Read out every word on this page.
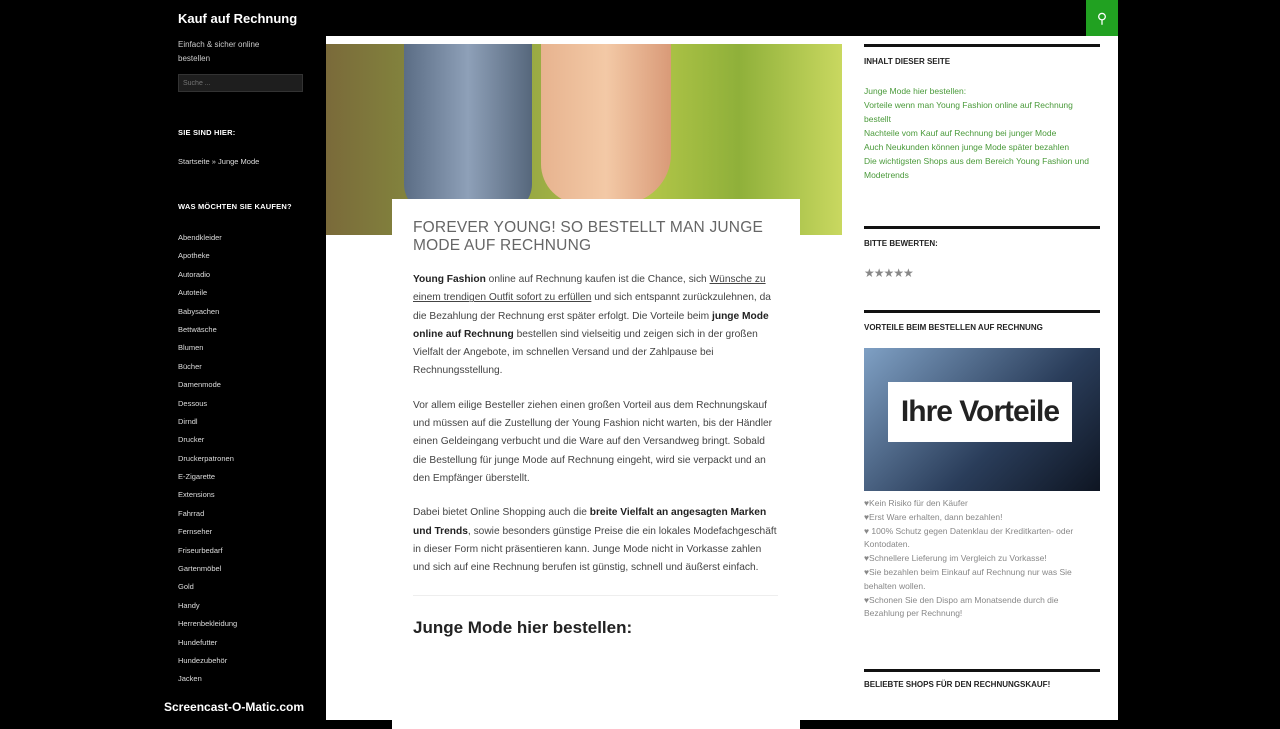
Kauf auf Rechnung
Einfach & sicher online bestellen
Suche ...
SIE SIND HIER:
Startseite » Junge Mode
WAS MÖCHTEN SIE KAUFEN?
Abendkleider
Apotheke
Autoradio
Autoteile
Babysachen
Bettwäsche
Blumen
Bücher
Damenmode
Dessous
Dirndl
Drucker
Druckerpatronen
E-Zigarette
Extensions
Fahrrad
Fernseher
Friseurbedarf
Gartenmöbel
Gold
Handy
Herrenbekleidung
Hundefutter
Hundezubehör
Jacken
⚲
FOREVER YOUNG! SO BESTELLT MAN JUNGE MODE AUF RECHNUNG

Young Fashion online auf Rechnung kaufen ist die Chance, sich Wünsche zu einem trendigen Outfit sofort zu erfüllen und sich entspannt zurückzulehnen, da die Bezahlung der Rechnung erst später erfolgt. Die Vorteile beim junge Mode online auf Rechnung bestellen sind vielseitig und zeigen sich in der großen Vielfalt der Angebote, im schnellen Versand und der Zahlpause bei Rechnungsstellung.

Vor allem eilige Besteller ziehen einen großen Vorteil aus dem Rechnungskauf und müssen auf die Zustellung der Young Fashion nicht warten, bis der Händler einen Geldeingang verbucht und die Ware auf den Versandweg bringt. Sobald die Bestellung für junge Mode auf Rechnung eingeht, wird sie verpackt und an den Empfänger überstellt.

Dabei bietet Online Shopping auch die breite Vielfalt an angesagten Marken und Trends, sowie besonders günstige Preise die ein lokales Modefachgeschäft in dieser Form nicht präsentieren kann. Junge Mode nicht in Vorkasse zahlen und sich auf eine Rechnung berufen ist günstig, schnell und äußerst einfach.

Junge Mode hier bestellen:
INHALT DIESER SEITE
Junge Mode hier bestellen:
Vorteile wenn man Young Fashion online auf Rechnung bestellt
Nachteile vom Kauf auf Rechnung bei junger Mode
Auch Neukunden können junge Mode später bezahlen
Die wichtigsten Shops aus dem Bereich Young Fashion und Modetrends
BITTE BEWERTEN:
★★★★★
VORTEILE BEIM BESTELLEN AUF RECHNUNG
Ihre Vorteile
♥Kein Risiko für den Käufer
♥Erst Ware erhalten, dann bezahlen!
♥ 100% Schutz gegen Datenklau der Kreditkarten- oder Kontodaten.
♥Schnellere Lieferung im Vergleich zu Vorkasse!
♥Sie bezahlen beim Einkauf auf Rechnung nur was Sie behalten wollen.
♥Schonen Sie den Dispo am Monatsende durch die Bezahlung per Rechnung!
BELIEBTE SHOPS FÜR DEN RECHNUNGSKAUF!
Screencast-O-Matic.com
